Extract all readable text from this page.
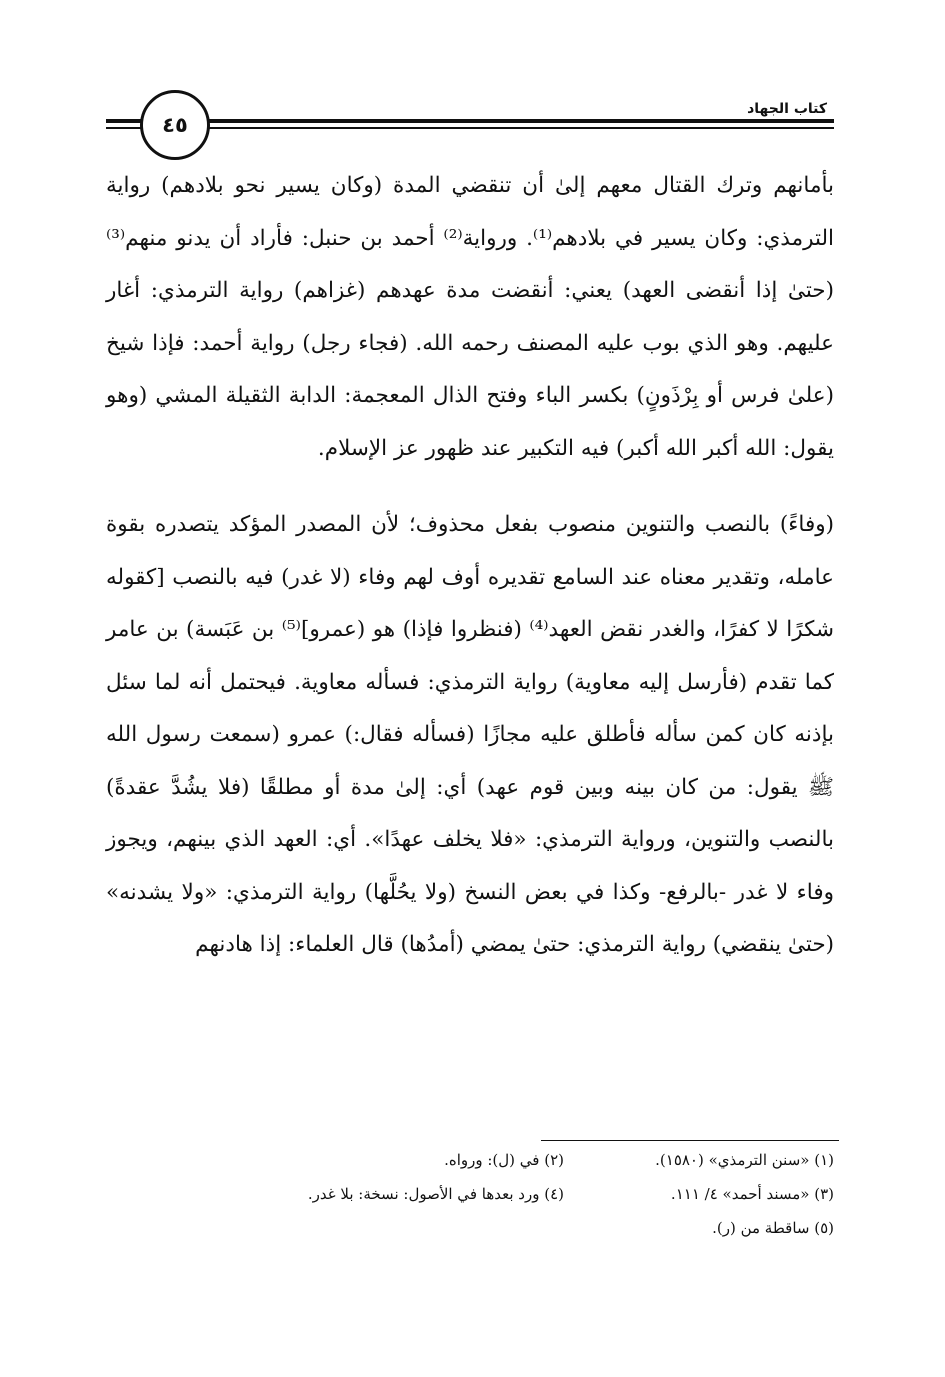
٤٥
كتاب الجهاد

بأمانهم وترك القتال معهم إلىٰ أن تنقضي المدة (وكان يسير نحو بلادهم) رواية الترمذي: وكان يسير في بلادهم⁽¹⁾. ورواية⁽²⁾ أحمد بن حنبل: فأراد أن يدنو منهم⁽³⁾ (حتىٰ إذا أنقضى العهد) يعني: أنقضت مدة عهدهم (غزاهم) رواية الترمذي: أغار عليهم. وهو الذي بوب عليه المصنف رحمه الله. (فجاء رجل) رواية أحمد: فإذا شيخ (علىٰ فرس أو بِرْذَونٍ) بكسر الباء وفتح الذال المعجمة: الدابة الثقيلة المشي (وهو يقول: الله أكبر الله أكبر) فيه التكبير عند ظهور عز الإسلام.

(وفاءً) بالنصب والتنوين منصوب بفعل محذوف؛ لأن المصدر المؤكد يتصدره بقوة عامله، وتقدير معناه عند السامع تقديره أوف لهم وفاء (لا غدر) فيه بالنصب [كقوله شكرًا لا كفرًا، والغدر نقض العهد⁽⁴⁾ (فنظروا فإذا) هو (عمرو]⁽⁵⁾ بن عَبَسة) بن عامر كما تقدم (فأرسل إليه معاوية) رواية الترمذي: فسأله معاوية. فيحتمل أنه لما سئل بإذنه كان كمن سأله فأطلق عليه مجازًا (فسأله فقال:) عمرو (سمعت رسول الله ﷺ يقول: من كان بينه وبين قوم عهد) أي: إلىٰ مدة أو مطلقًا (فلا يشُدَّ عقدةً) بالنصب والتنوين، ورواية الترمذي: «فلا يخلف عهدًا». أي: العهد الذي بينهم، ويجوز وفاء لا غدر -بالرفع- وكذا في بعض النسخ (ولا يحُلَّها) رواية الترمذي: «ولا يشدنه» (حتىٰ ينقضي) رواية الترمذي: حتىٰ يمضي (أمدُها) قال العلماء: إذا هادنهم

(١) «سنن الترمذي» (١٥٨٠).
(٢) في (ل): ورواه.
(٣) «مسند أحمد» ٤/ ١١١.
(٤) ورد بعدها في الأصول: نسخة: بلا غدر.
(٥) ساقطة من (ر).
